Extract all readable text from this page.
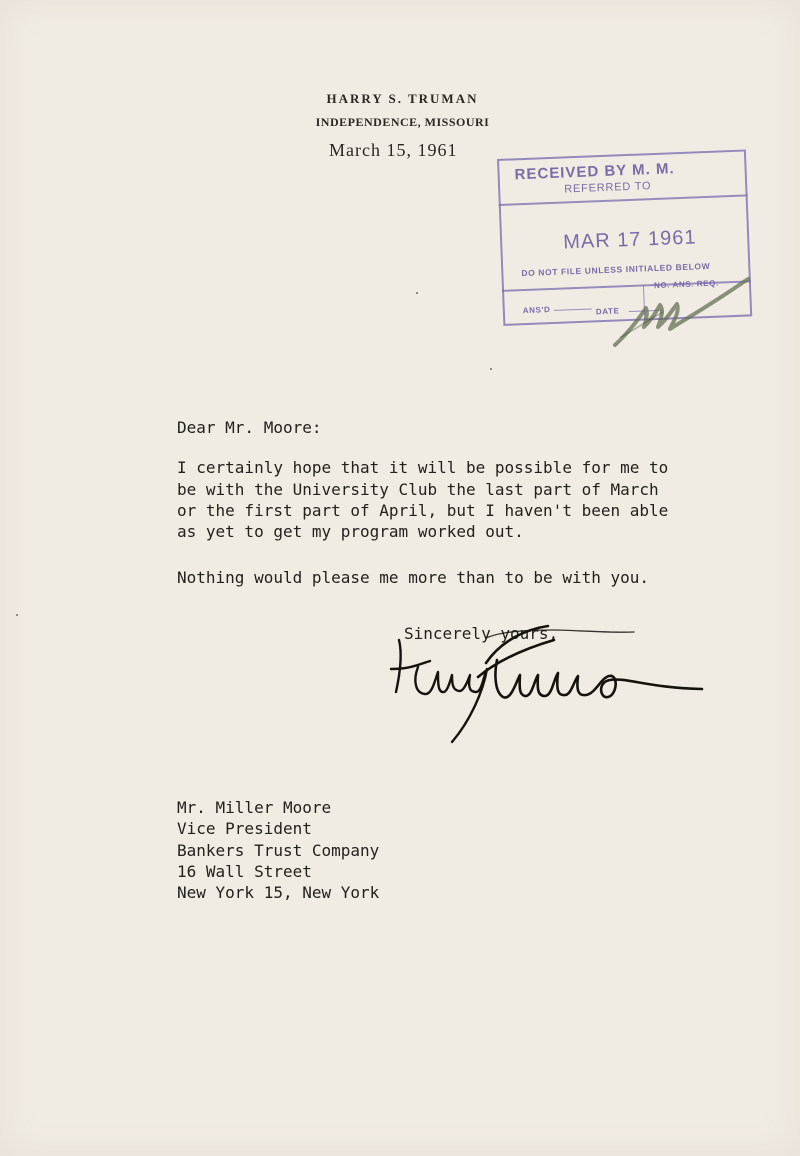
HARRY S. TRUMAN
INDEPENDENCE, MISSOURI
March 15, 1961
RECEIVED BY M. M.
REFERRED TO
MAR 17 1961
DO NOT FILE UNLESS INITIALED BELOW
NO. ANS. REQ.
ANS'D	DATE
Dear Mr. Moore:
I certainly hope that it will be possible for me to
be with the University Club the last part of March
or the first part of April, but I haven't been able
as yet to get my program worked out.
Nothing would please me more than to be with you.
Sincerely yours,
Mr. Miller Moore
Vice President
Bankers Trust Company
16 Wall Street
New York 15, New York
